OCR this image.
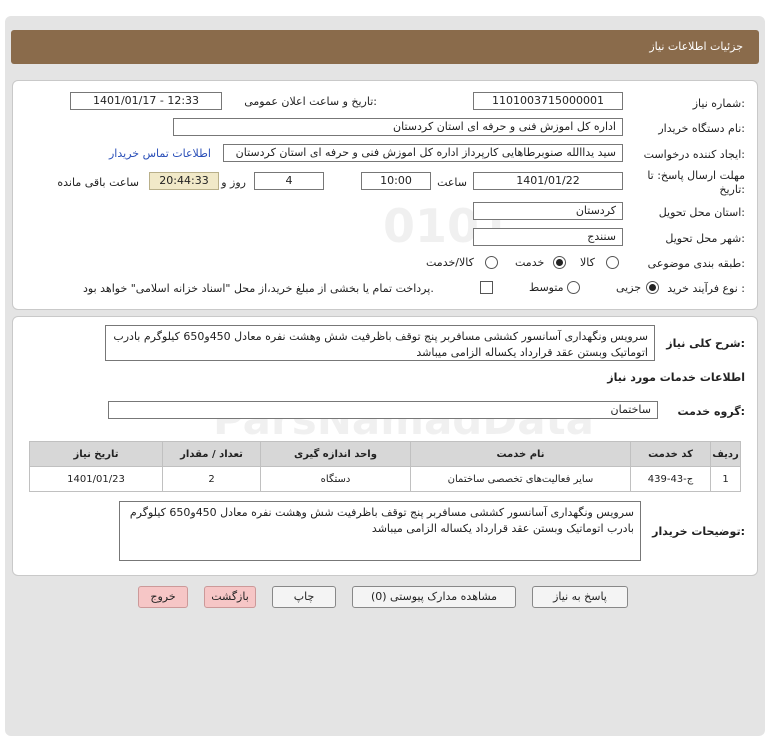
جزئیات اطلاعات نیاز
0101
شماره نیاز:
1101003715000001
تاریخ و ساعت اعلان عمومی:
1401/01/17 - 12:33
نام دستگاه خریدار:
اداره کل اموزش فنی و حرفه ای استان کردستان
ایجاد کننده درخواست:
سید یداالله صنوبرطاهایی کارپرداز اداره کل اموزش فنی و حرفه ای استان کردستان
اطلاعات تماس خریدار
مهلت ارسال پاسخ: تا
تاریخ:
1401/01/22
ساعت
10:00
4
روز و
20:44:33
ساعت باقی مانده
استان محل تحویل:
کردستان
شهر محل تحویل:
سنندج
طبقه بندی موضوعی:
کالا
خدمت
کالا/خدمت
نوع فرآیند خرید :
جزیی
متوسط
پرداخت تمام یا بخشی از مبلغ خرید،از محل "اسناد خزانه اسلامی" خواهد بود.
ParsNamadData
شرح کلی نیاز:
سرویس ونگهداری آسانسور کششی مسافربر پنج توقف باظرفیت شش وهشت نفره معادل 450و650 کیلوگرم بادرب اتوماتیک وبستن عقد قرارداد یکساله الزامی میباشد
اطلاعات خدمات مورد نیاز
گروه خدمت:
ساختمان
ردیف	کد خدمت	نام خدمت	واحد اندازه گیری	تعداد / مقدار	تاریخ نیاز
1	ج-43-439	سایر فعالیت‌های تخصصی ساختمان	دستگاه	2	1401/01/23
توضیحات خریدار:
سرویس ونگهداری آسانسور کششی مسافربر پنج توقف باظرفیت شش وهشت نفره معادل 450و650 کیلوگرم بادرب اتوماتیک وبستن عقد قرارداد یکساله الزامی میباشد
پاسخ به نیاز
مشاهده مدارک پیوستی (0)
چاپ
بازگشت
خروج
